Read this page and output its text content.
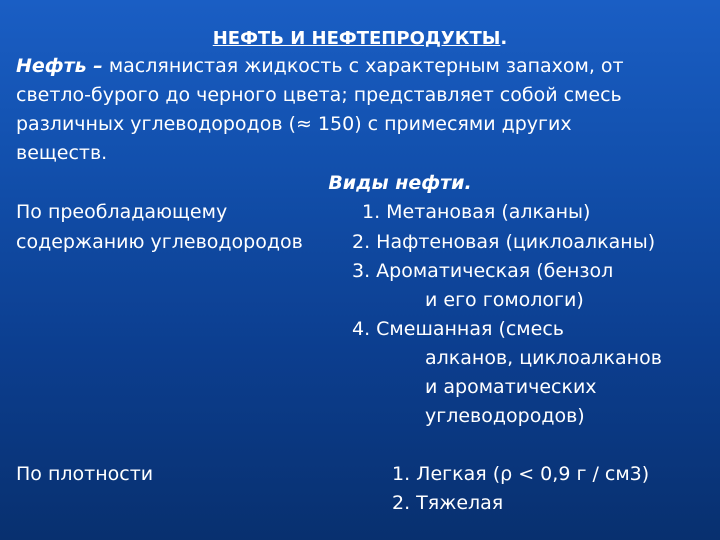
НЕФТЬ И НЕФТЕПРОДУКТЫ.
Нефть – маслянистая жидкость с характерным запахом, от
светло-бурого до черного цвета; представляет собой смесь
различных углеводородов (≈ 150) с примесями других
веществ.
Виды нефти.
По преобладающему
содержанию углеводородов
1. Метановая (алканы)
2. Нафтеновая (циклоалканы)
3. Ароматическая (бензол
и его гомологи)
4. Смешанная (смесь
алканов, циклоалканов
и ароматических
углеводородов)
По плотности	1. Легкая (ρ < 0,9 г / см3)
2. Тяжелая
